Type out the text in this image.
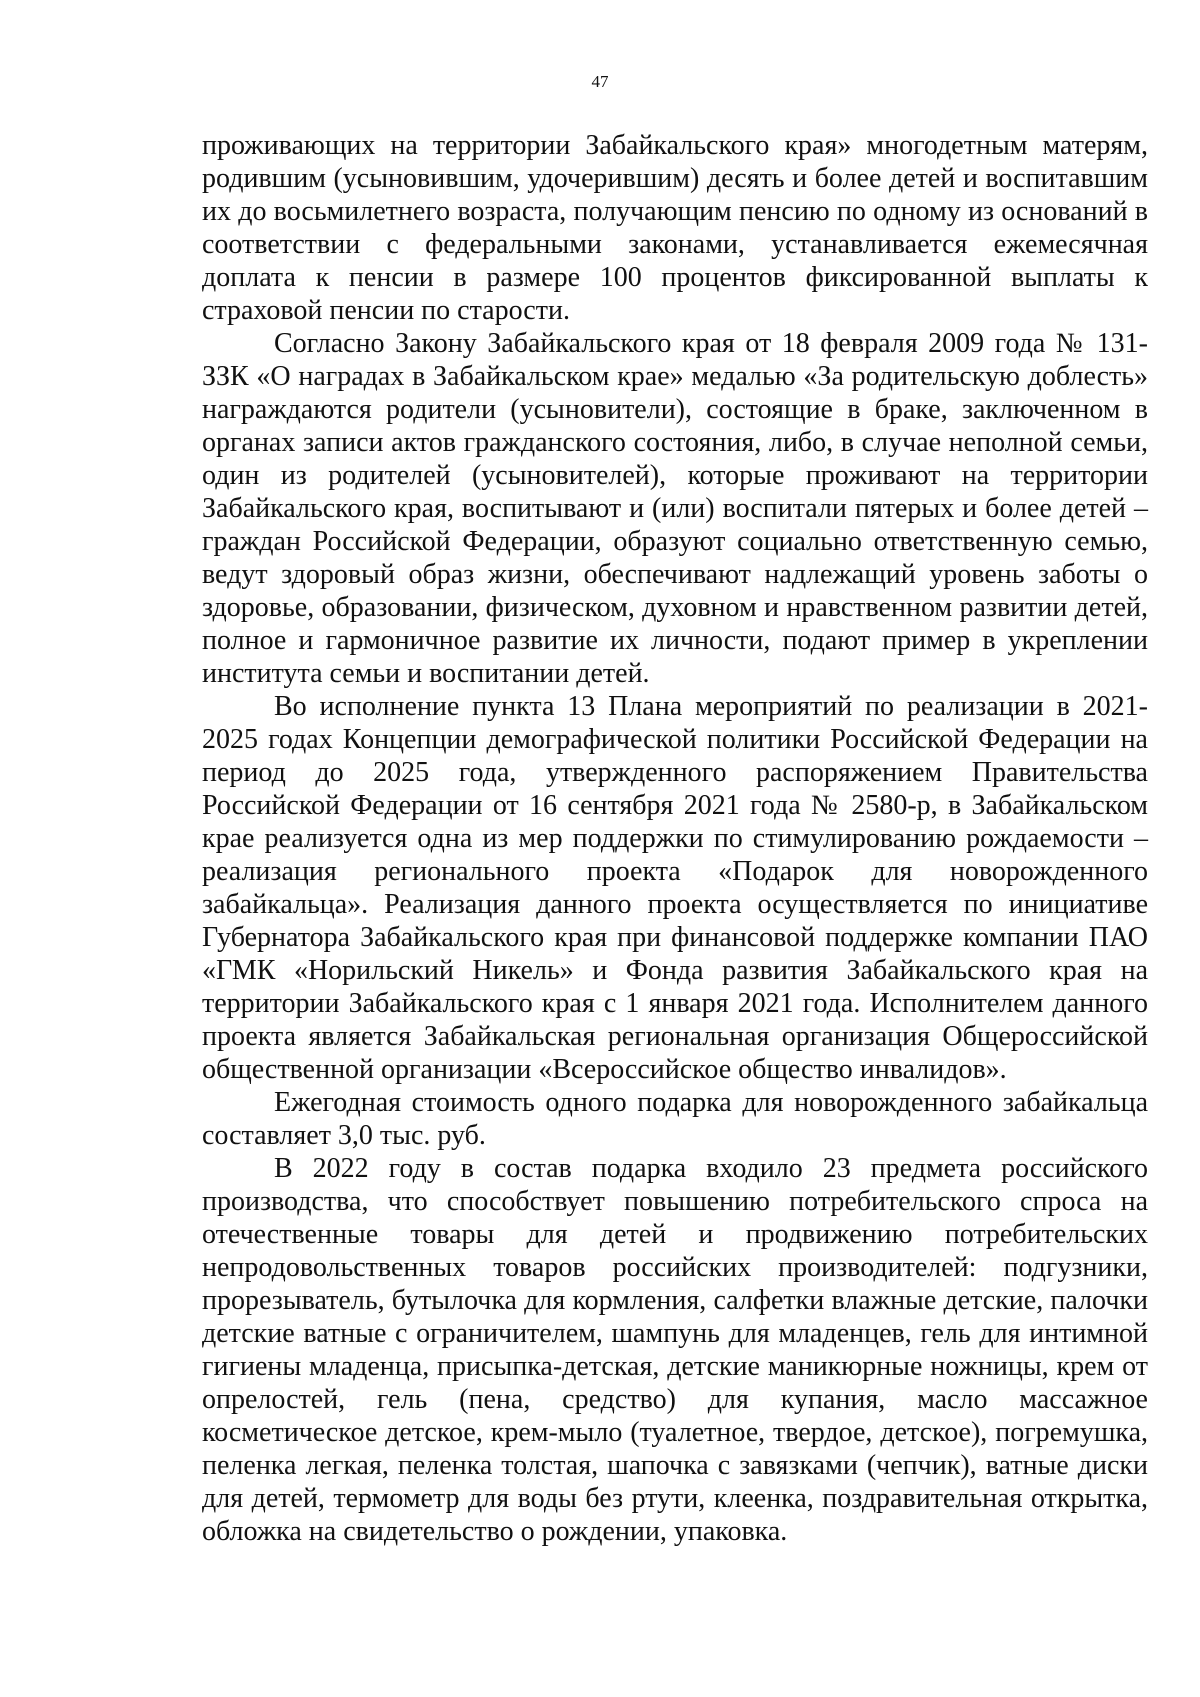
47

проживающих на территории Забайкальского края» многодетным матерям, родившим (усыновившим, удочерившим) десять и более детей и воспитавшим их до восьмилетнего возраста, получающим пенсию по одному из оснований в соответствии с федеральными законами, устанавливается ежемесячная доплата к пенсии в размере 100 процентов фиксированной выплаты к страховой пенсии по старости.

Согласно Закону Забайкальского края от 18 февраля 2009 года № 131-ЗЗК «О наградах в Забайкальском крае» медалью «За родительскую доблесть» награждаются родители (усыновители), состоящие в браке, заключенном в органах записи актов гражданского состояния, либо, в случае неполной семьи, один из родителей (усыновителей), которые проживают на территории Забайкальского края, воспитывают и (или) воспитали пятерых и более детей – граждан Российской Федерации, образуют социально ответственную семью, ведут здоровый образ жизни, обеспечивают надлежащий уровень заботы о здоровье, образовании, физическом, духовном и нравственном развитии детей, полное и гармоничное развитие их личности, подают пример в укреплении института семьи и воспитании детей.

Во исполнение пункта 13 Плана мероприятий по реализации в 2021-2025 годах Концепции демографической политики Российской Федерации на период до 2025 года, утвержденного распоряжением Правительства Российской Федерации от 16 сентября 2021 года № 2580-р, в Забайкальском крае реализуется одна из мер поддержки по стимулированию рождаемости – реализация регионального проекта «Подарок для новорожденного забайкальца». Реализация данного проекта осуществляется по инициативе Губернатора Забайкальского края при финансовой поддержке компании ПАО «ГМК «Норильский Никель» и Фонда развития Забайкальского края на территории Забайкальского края с 1 января 2021 года. Исполнителем данного проекта является Забайкальская региональная организация Общероссийской общественной организации «Всероссийское общество инвалидов».

Ежегодная стоимость одного подарка для новорожденного забайкальца составляет 3,0 тыс. руб.

В 2022 году в состав подарка входило 23 предмета российского производства, что способствует повышению потребительского спроса на отечественные товары для детей и продвижению потребительских непродовольственных товаров российских производителей: подгузники, прорезыватель, бутылочка для кормления, салфетки влажные детские, палочки детские ватные с ограничителем, шампунь для младенцев, гель для интимной гигиены младенца, присыпка-детская, детские маникюрные ножницы, крем от опрелостей, гель (пена, средство) для купания, масло массажное косметическое детское, крем-мыло (туалетное, твердое, детское), погремушка, пеленка легкая, пеленка толстая, шапочка с завязками (чепчик), ватные диски для детей, термометр для воды без ртути, клеенка, поздравительная открытка, обложка на свидетельство о рождении, упаковка.
